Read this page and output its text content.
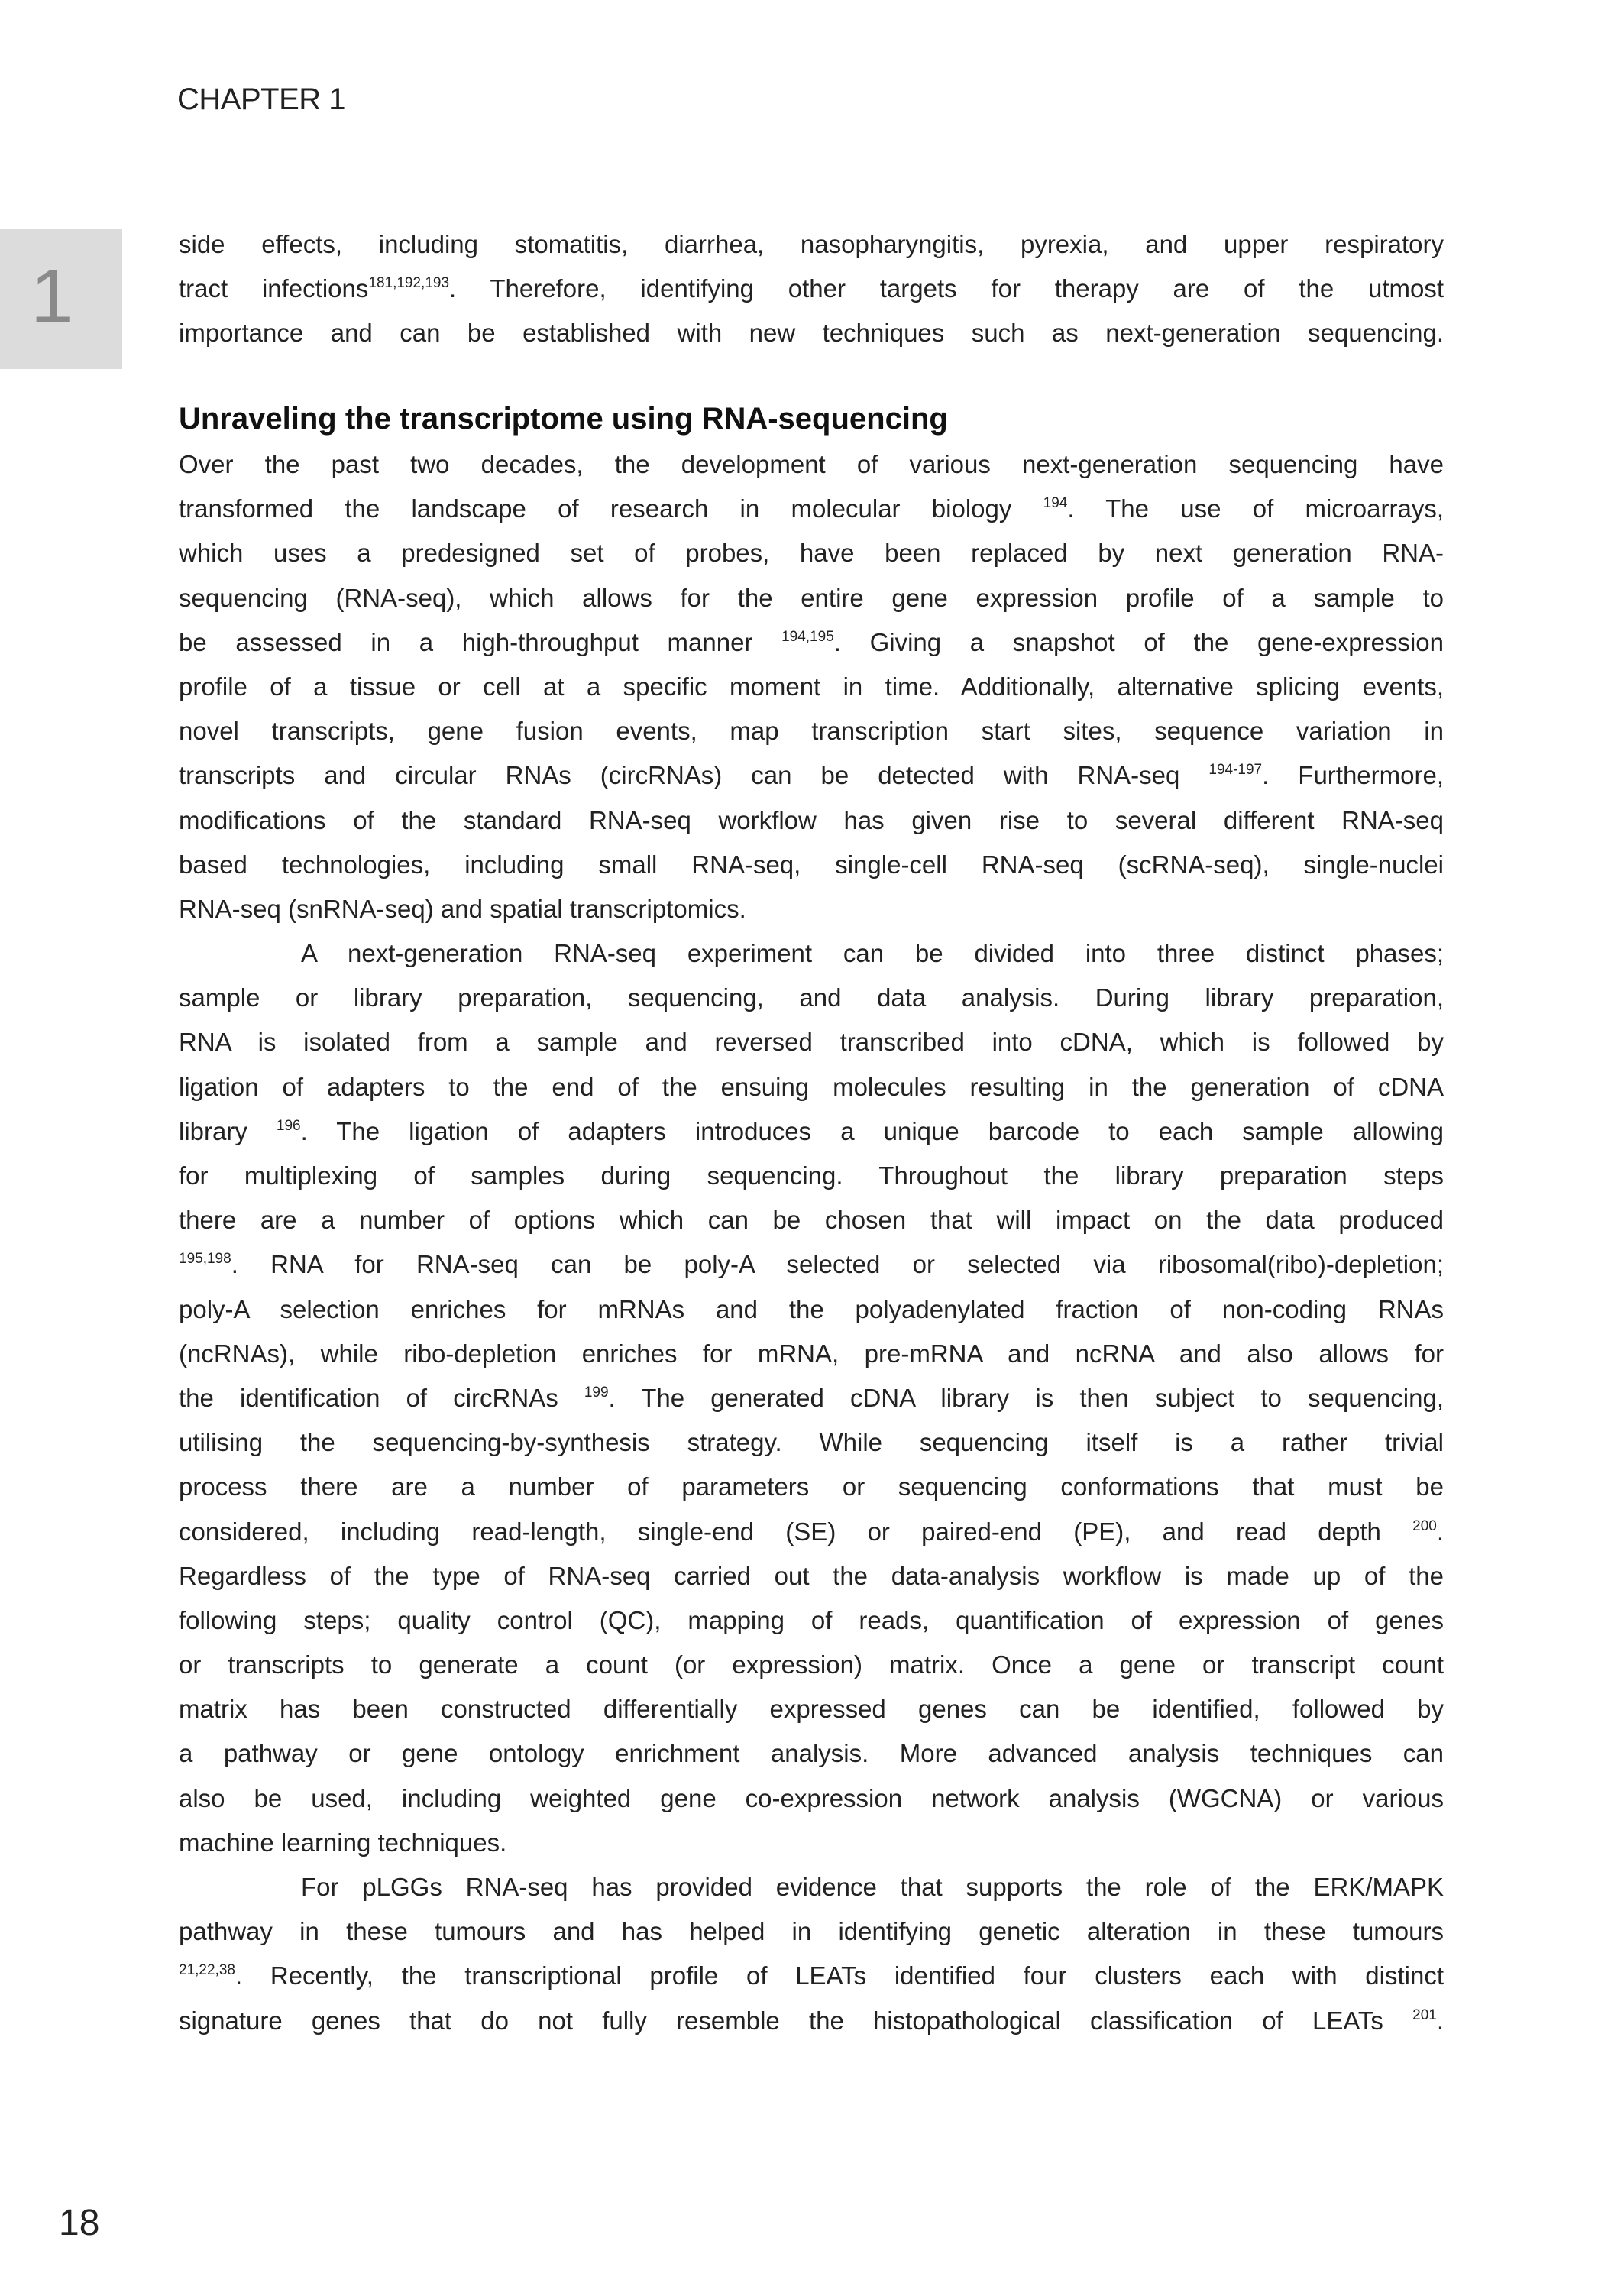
CHAPTER 1
1
side effects, including stomatitis, diarrhea, nasopharyngitis, pyrexia, and upper respiratory
tract infections$^{181,192,193}$. Therefore, identifying other targets for therapy are of the utmost
importance and can be established with new techniques such as next-generation sequencing.
Unraveling the transcriptome using RNA-sequencing
Over the past two decades, the development of various next-generation sequencing have
transformed the landscape of research in molecular biology $^{194}$. The use of microarrays,
which uses a predesigned set of probes, have been replaced by next generation RNA-
sequencing (RNA-seq), which allows for the entire gene expression profile of a sample to
be assessed in a high-throughput manner $^{194,195}$. Giving a snapshot of the gene-expression
profile of a tissue or cell at a specific moment in time. Additionally, alternative splicing events,
novel transcripts, gene fusion events, map transcription start sites, sequence variation in
transcripts and circular RNAs (circRNAs) can be detected with RNA-seq $^{194-197}$. Furthermore,
modifications of the standard RNA-seq workflow has given rise to several different RNA-seq
based technologies, including small RNA-seq, single-cell RNA-seq (scRNA-seq), single-nuclei
RNA-seq (snRNA-seq) and spatial transcriptomics.
A next-generation RNA-seq experiment can be divided into three distinct phases;
sample or library preparation, sequencing, and data analysis. During library preparation,
RNA is isolated from a sample and reversed transcribed into cDNA, which is followed by
ligation of adapters to the end of the ensuing molecules resulting in the generation of cDNA
library $^{196}$. The ligation of adapters introduces a unique barcode to each sample allowing
for multiplexing of samples during sequencing. Throughout the library preparation steps
there are a number of options which can be chosen that will impact on the data produced
$^{195,198}$. RNA for RNA-seq can be poly-A selected or selected via ribosomal(ribo)-depletion;
poly-A selection enriches for mRNAs and the polyadenylated fraction of non-coding RNAs
(ncRNAs), while ribo-depletion enriches for mRNA, pre-mRNA and ncRNA and also allows for
the identification of circRNAs $^{199}$. The generated cDNA library is then subject to sequencing,
utilising the sequencing-by-synthesis strategy. While sequencing itself is a rather trivial
process there are a number of parameters or sequencing conformations that must be
considered, including read-length, single-end (SE) or paired-end (PE), and read depth $^{200}$.
Regardless of the type of RNA-seq carried out the data-analysis workflow is made up of the
following steps; quality control (QC), mapping of reads, quantification of expression of genes
or transcripts to generate a count (or expression) matrix. Once a gene or transcript count
matrix has been constructed differentially expressed genes can be identified, followed by
a pathway or gene ontology enrichment analysis. More advanced analysis techniques can
also be used, including weighted gene co-expression network analysis (WGCNA) or various
machine learning techniques.
For pLGGs RNA-seq has provided evidence that supports the role of the ERK/MAPK
pathway in these tumours and has helped in identifying genetic alteration in these tumours
$^{21,22,38}$. Recently, the transcriptional profile of LEATs identified four clusters each with distinct
signature genes that do not fully resemble the histopathological classification of LEATs $^{201}$.
18
